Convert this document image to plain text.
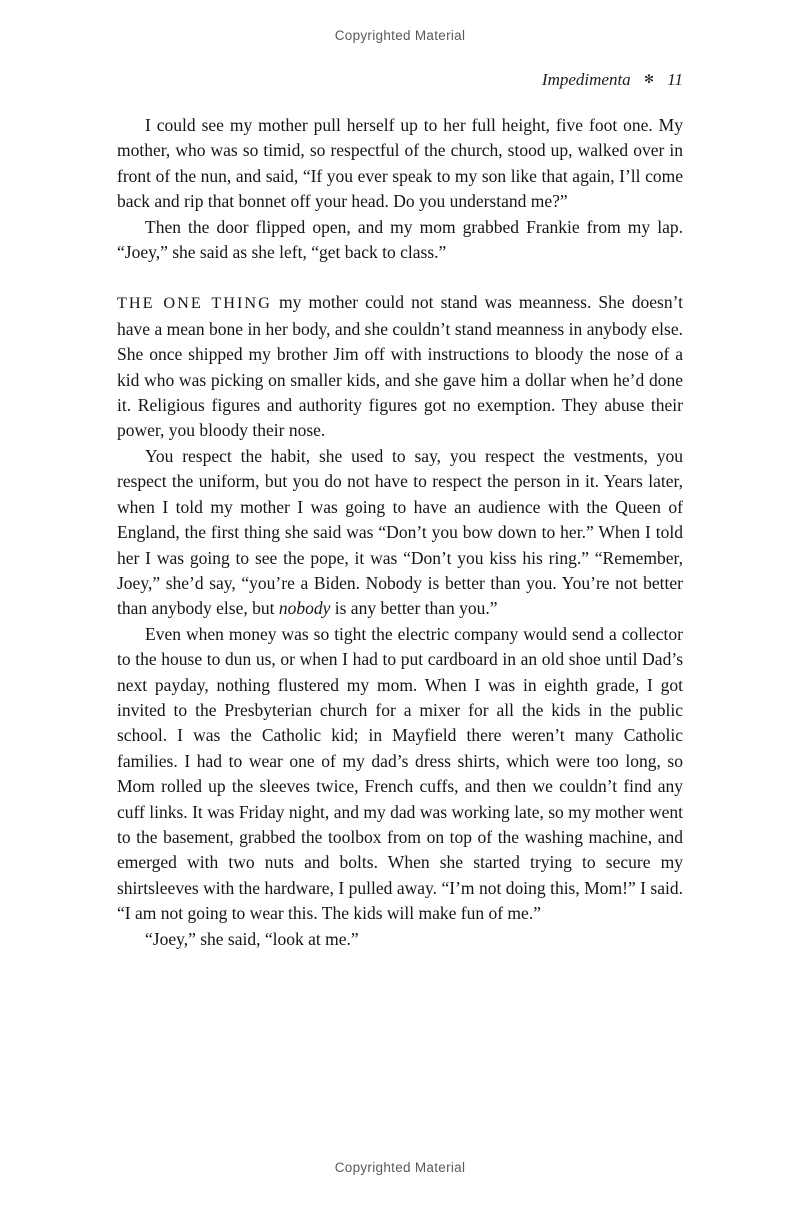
Copyrighted Material
Impedimenta ✻ 11

I could see my mother pull herself up to her full height, five foot one. My mother, who was so timid, so respectful of the church, stood up, walked over in front of the nun, and said, “If you ever speak to my son like that again, I’ll come back and rip that bonnet off your head. Do you understand me?”

Then the door flipped open, and my mom grabbed Frankie from my lap. “Joey,” she said as she left, “get back to class.”

THE ONE THING my mother could not stand was meanness. She doesn’t have a mean bone in her body, and she couldn’t stand meanness in anybody else. She once shipped my brother Jim off with instructions to bloody the nose of a kid who was picking on smaller kids, and she gave him a dollar when he’d done it. Religious figures and authority figures got no exemption. They abuse their power, you bloody their nose.

You respect the habit, she used to say, you respect the vestments, you respect the uniform, but you do not have to respect the person in it. Years later, when I told my mother I was going to have an audience with the Queen of England, the first thing she said was “Don’t you bow down to her.” When I told her I was going to see the pope, it was “Don’t you kiss his ring.” “Remember, Joey,” she’d say, “you’re a Biden. Nobody is better than you. You’re not better than anybody else, but nobody is any better than you.”

Even when money was so tight the electric company would send a collector to the house to dun us, or when I had to put cardboard in an old shoe until Dad’s next payday, nothing flustered my mom. When I was in eighth grade, I got invited to the Presbyterian church for a mixer for all the kids in the public school. I was the Catholic kid; in Mayfield there weren’t many Catholic families. I had to wear one of my dad’s dress shirts, which were too long, so Mom rolled up the sleeves twice, French cuffs, and then we couldn’t find any cuff links. It was Friday night, and my dad was working late, so my mother went to the basement, grabbed the toolbox from on top of the washing machine, and emerged with two nuts and bolts. When she started trying to secure my shirtsleeves with the hardware, I pulled away. “I’m not doing this, Mom!” I said. “I am not going to wear this. The kids will make fun of me.”

“Joey,” she said, “look at me.”

Copyrighted Material
